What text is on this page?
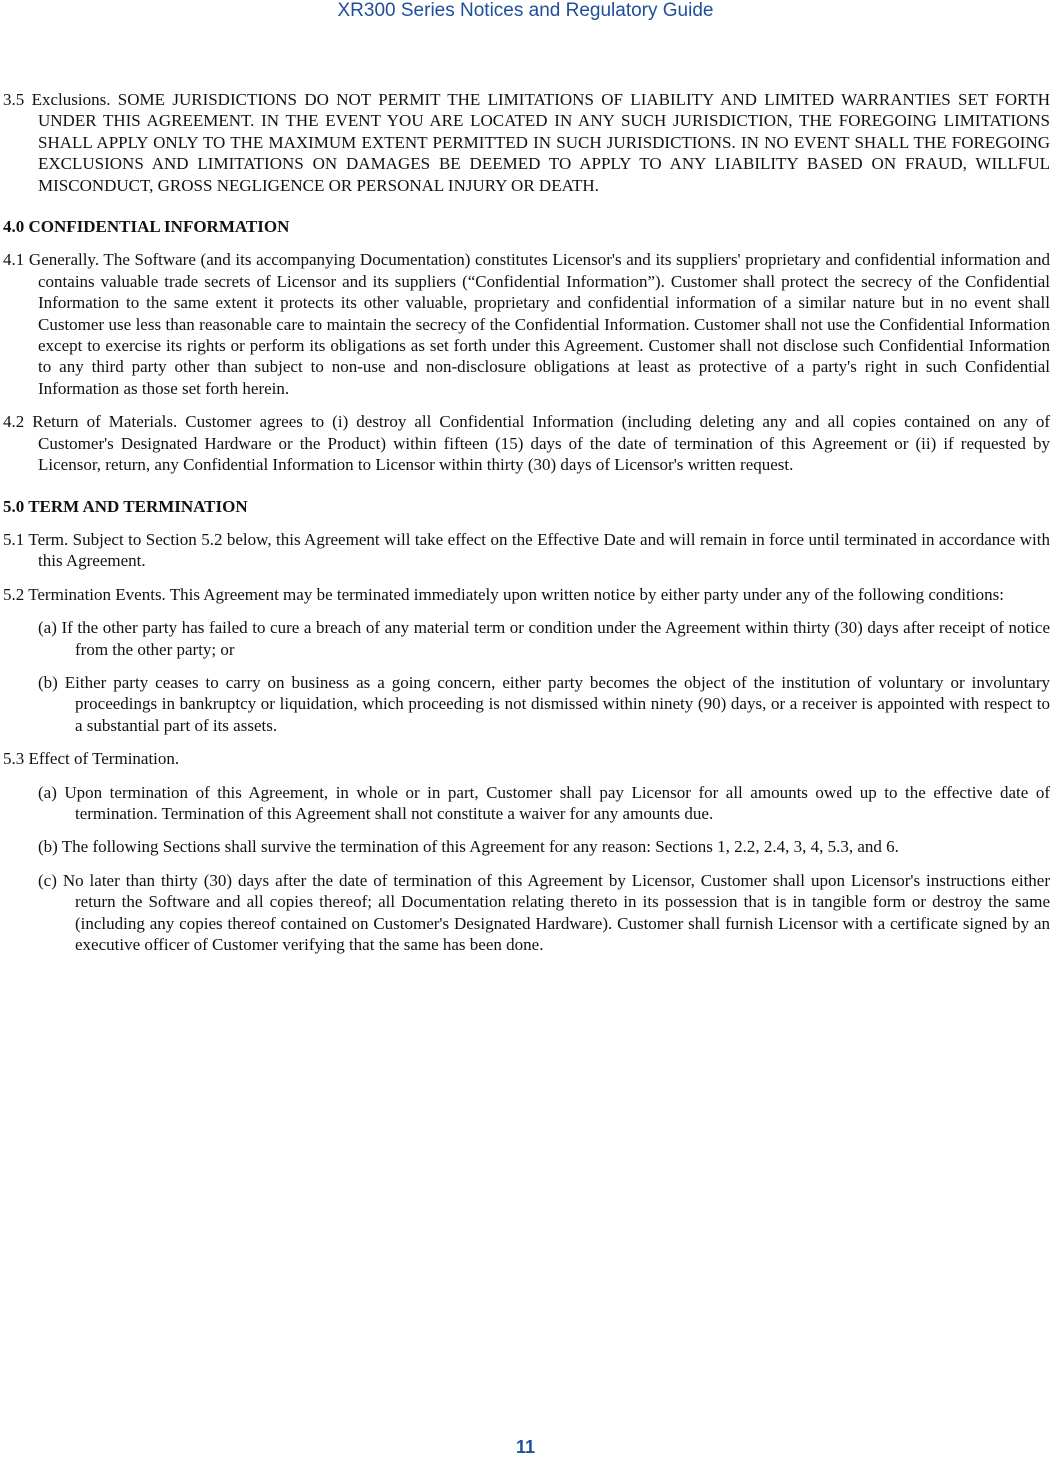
XR300 Series Notices and Regulatory Guide

3.5 Exclusions. SOME JURISDICTIONS DO NOT PERMIT THE LIMITATIONS OF LIABILITY AND LIMITED WARRANTIES SET FORTH UNDER THIS AGREEMENT. IN THE EVENT YOU ARE LOCATED IN ANY SUCH JURISDICTION, THE FOREGOING LIMITATIONS SHALL APPLY ONLY TO THE MAXIMUM EXTENT PERMITTED IN SUCH JURISDICTIONS. IN NO EVENT SHALL THE FOREGOING EXCLUSIONS AND LIMITATIONS ON DAMAGES BE DEEMED TO APPLY TO ANY LIABILITY BASED ON FRAUD, WILLFUL MISCONDUCT, GROSS NEGLIGENCE OR PERSONAL INJURY OR DEATH.

4.0 CONFIDENTIAL INFORMATION

4.1 Generally. The Software (and its accompanying Documentation) constitutes Licensor's and its suppliers' proprietary and confidential information and contains valuable trade secrets of Licensor and its suppliers (“Confidential Information”). Customer shall protect the secrecy of the Confidential Information to the same extent it protects its other valuable, proprietary and confidential information of a similar nature but in no event shall Customer use less than reasonable care to maintain the secrecy of the Confidential Information. Customer shall not use the Confidential Information except to exercise its rights or perform its obligations as set forth under this Agreement. Customer shall not disclose such Confidential Information to any third party other than subject to non-use and non-disclosure obligations at least as protective of a party's right in such Confidential Information as those set forth herein.

4.2 Return of Materials. Customer agrees to (i) destroy all Confidential Information (including deleting any and all copies contained on any of Customer's Designated Hardware or the Product) within fifteen (15) days of the date of termination of this Agreement or (ii) if requested by Licensor, return, any Confidential Information to Licensor within thirty (30) days of Licensor's written request.

5.0 TERM AND TERMINATION

5.1 Term. Subject to Section 5.2 below, this Agreement will take effect on the Effective Date and will remain in force until terminated in accordance with this Agreement.

5.2 Termination Events. This Agreement may be terminated immediately upon written notice by either party under any of the following conditions:

(a) If the other party has failed to cure a breach of any material term or condition under the Agreement within thirty (30) days after receipt of notice from the other party; or

(b) Either party ceases to carry on business as a going concern, either party becomes the object of the institution of voluntary or involuntary proceedings in bankruptcy or liquidation, which proceeding is not dismissed within ninety (90) days, or a receiver is appointed with respect to a substantial part of its assets.

5.3 Effect of Termination.

(a) Upon termination of this Agreement, in whole or in part, Customer shall pay Licensor for all amounts owed up to the effective date of termination. Termination of this Agreement shall not constitute a waiver for any amounts due.

(b) The following Sections shall survive the termination of this Agreement for any reason: Sections 1, 2.2, 2.4, 3, 4, 5.3, and 6.

(c) No later than thirty (30) days after the date of termination of this Agreement by Licensor, Customer shall upon Licensor's instructions either return the Software and all copies thereof; all Documentation relating thereto in its possession that is in tangible form or destroy the same (including any copies thereof contained on Customer's Designated Hardware). Customer shall furnish Licensor with a certificate signed by an executive officer of Customer verifying that the same has been done.

11
